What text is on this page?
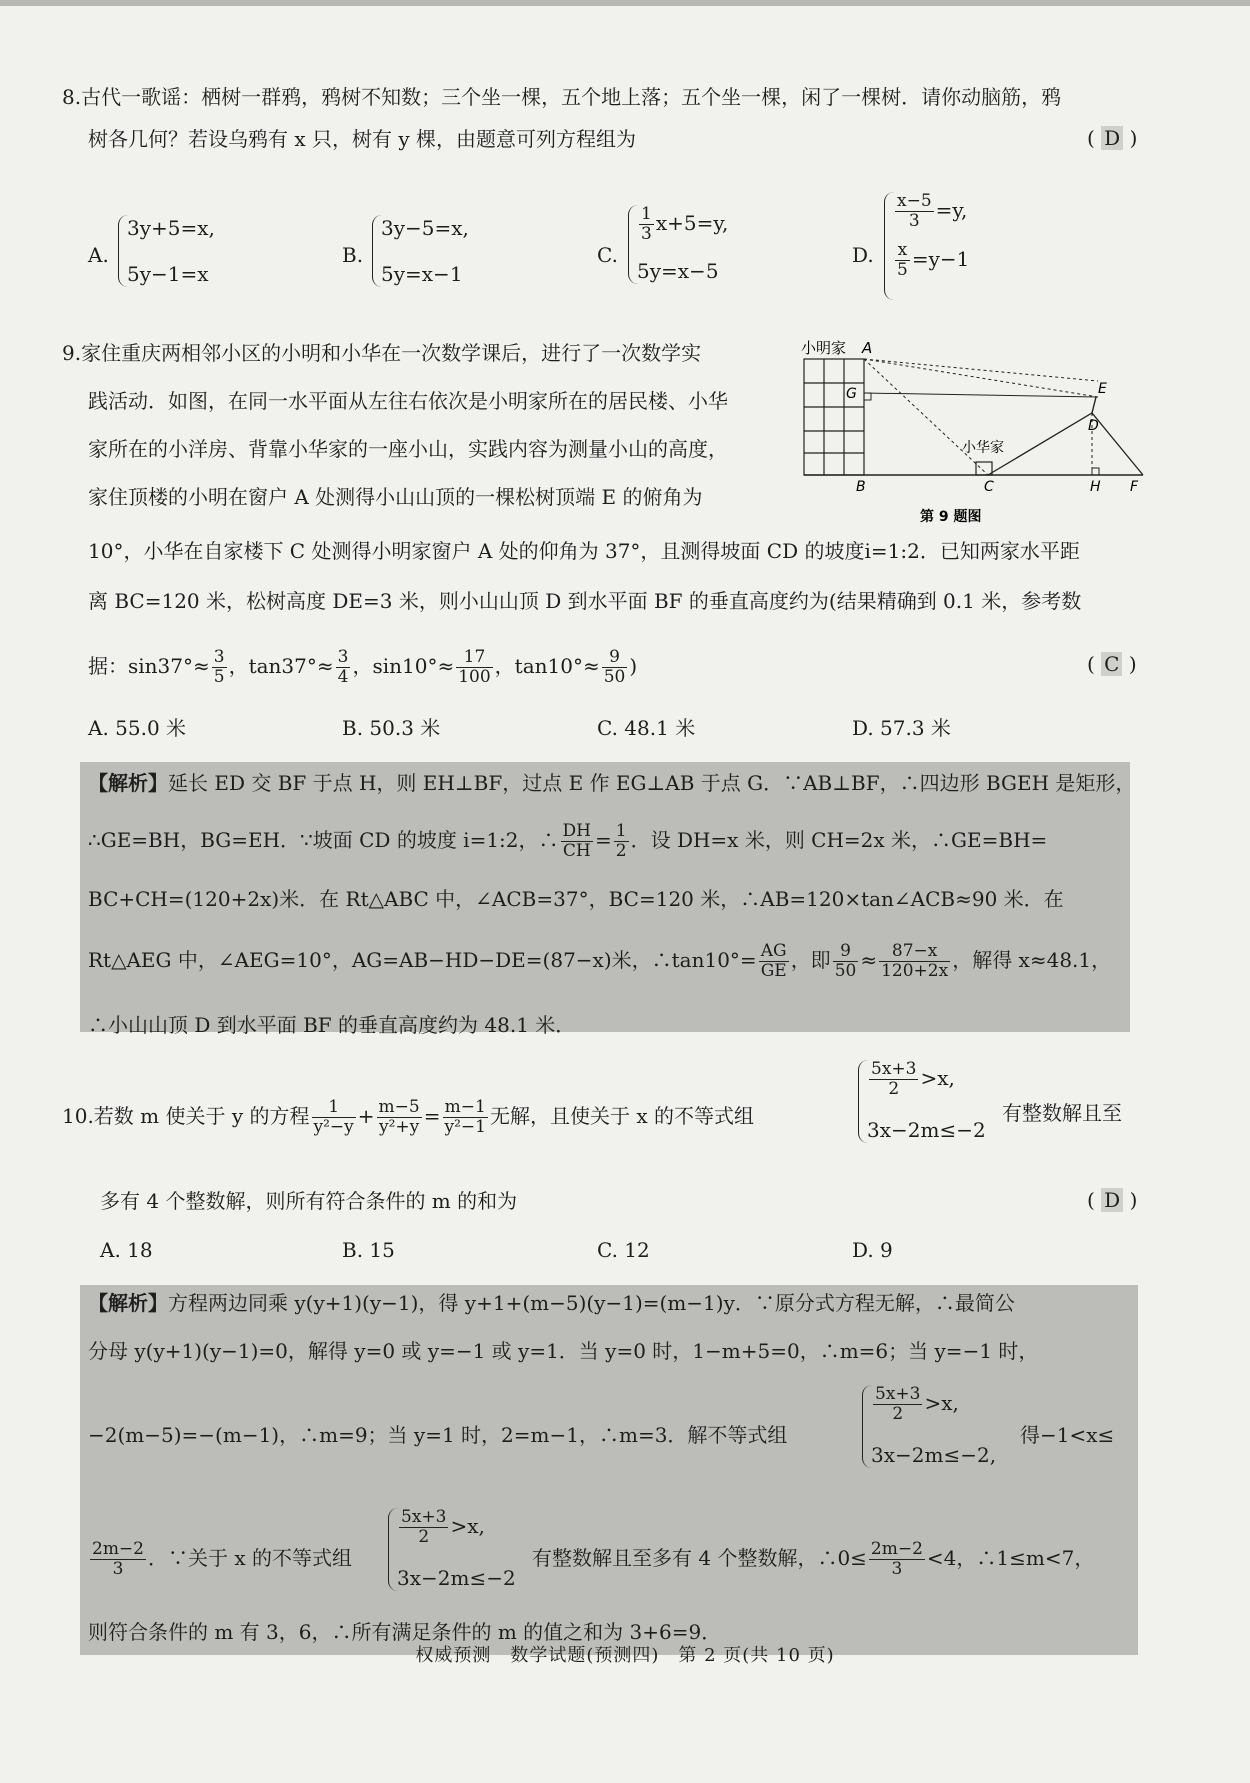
8.古代一歌谣：栖树一群鸦，鸦树不知数；三个坐一棵，五个地上落；五个坐一棵，闲了一棵树．请你动脑筋，鸦
树各几何？若设乌鸦有 x 只，树有 y 棵，由题意可列方程组为	( D )
A.
3y+5=x,
5y−1=x
B.
3y−5=x,
5y=x−1
C.
$\frac{1}{3} x+5=y$,
5y=x−5
D.
$\frac{x-5}{3} =y$,
$\frac{x}{5} =y-1$
9.家住重庆两相邻小区的小明和小华在一次数学课后，进行了一次数学实
践活动．如图，在同一水平面从左往右依次是小明家所在的居民楼、小华
家所在的小洋房、背靠小华家的一座小山，实践内容为测量小山的高度，
家住顶楼的小明在窗户 A 处测得小山山顶的一棵松树顶端 E 的俯角为
10°，小华在自家楼下 C 处测得小明家窗户 A 处的仰角为 37°，且测得坡面 CD 的坡度i=1:2．已知两家水平距
离 BC=120 米，松树高度 DE=3 米，则小山山顶 D 到水平面 BF 的垂直高度约为(结果精确到 0.1 米，参考数
据：$\sin 37^\circ\approx \frac{3}{5}$ ，$\tan 37^\circ\approx \frac{3}{4}$ ，$\sin 10^\circ\approx \frac{17}{100}$ ，$\tan 10^\circ\approx \frac{9}{50}$ )	( C )
A. 55.0 米	B. 50.3 米	C. 48.1 米	D. 57.3 米
小明家 A
G
小华家
E
D
B	C	H F
第 9 题图
【解析】延长 ED 交 BF 于点 H，则 EH⊥BF，过点 E 作 EG⊥AB 于点 G．∵AB⊥BF，∴四边形 BGEH 是矩形，
∴GE=BH，BG=EH．∵坡面 CD 的坡度 i=1:2，∴ $\frac{DH}{CH} = \frac{1}{2}$ ．设 DH=x 米，则 CH=2x 米，∴GE=BH=
BC+CH=(120+2x)米．在 Rt△ABC 中，∠ACB=37°，BC=120 米，∴AB=120×tan∠ACB≈90 米．在
Rt△AEG 中，∠AEG=10°，AG=AB−HD−DE=(87−x)米，∴tan10°= $\frac{AG}{GE}$ ，即 $\frac{9}{50} \approx \frac{87-x}{120+2x}$ ，解得 x≈48.1，
∴小山山顶 D 到水平面 BF 的垂直高度约为 48.1 米．
10.若数 m 使关于 y 的方程 $\frac{1}{\text{y²−y}} + \frac{m-5}{\text{y²+y}} = \frac{m-1}{\text{y²−1}}$ 无解，且使关于 x 的不等式组
$\frac{5x+3}{2} >x$,
3x−2m≤−2
有整数解且至
多有 4 个整数解，则所有符合条件的 m 的和为	( D )
A. 18	B. 15	C. 12	D. 9
【解析】方程两边同乘 y(y+1)(y−1)，得 y+1+(m−5)(y−1)=(m−1)y．∵原分式方程无解，∴最简公
分母 y(y+1)(y−1)=0，解得 y=0 或 y=−1 或 y=1．当 y=0 时，1−m+5=0，∴m=6；当 y=−1 时，
−2(m−5)=−(m−1)，∴m=9；当 y=1 时，2=m−1，∴m=3．解不等式组
$\frac{5x+3}{2} >x$,
3x−2m≤−2,
得−1<x≤
$\frac{2m-2}{3}$ ．∵关于 x 的不等式组
$\frac{5x+3}{2} >x$,
3x−2m≤−2
有整数解且至多有 4 个整数解，∴0≤ $\frac{2m-2}{3} <4$，∴1≤m<7，
则符合条件的 m 有 3，6，∴所有满足条件的 m 的值之和为 3+6=9．
权威预测　数学试题(预测四)　第 2 页(共 10 页)
